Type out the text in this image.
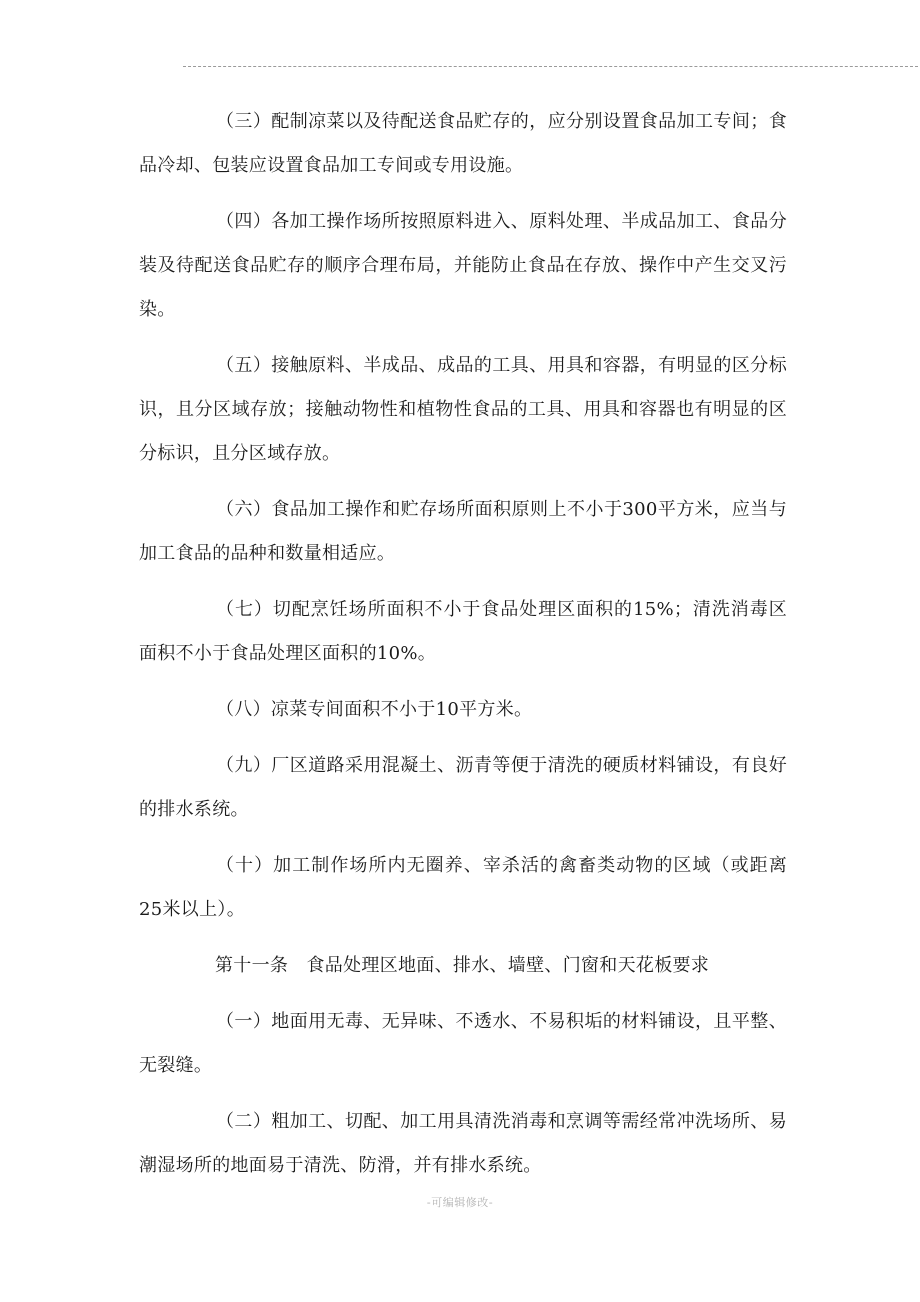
（三）配制凉菜以及待配送食品贮存的，应分别设置食品加工专间；食品冷却、包装应设置食品加工专间或专用设施。

（四）各加工操作场所按照原料进入、原料处理、半成品加工、食品分装及待配送食品贮存的顺序合理布局，并能防止食品在存放、操作中产生交叉污染。

（五）接触原料、半成品、成品的工具、用具和容器，有明显的区分标识，且分区域存放；接触动物性和植物性食品的工具、用具和容器也有明显的区分标识，且分区域存放。

（六）食品加工操作和贮存场所面积原则上不小于300平方米，应当与加工食品的品种和数量相适应。

（七）切配烹饪场所面积不小于食品处理区面积的15%；清洗消毒区面积不小于食品处理区面积的10%。

（八）凉菜专间面积不小于10平方米。

（九）厂区道路采用混凝土、沥青等便于清洗的硬质材料铺设，有良好的排水系统。

（十）加工制作场所内无圈养、宰杀活的禽畜类动物的区域（或距离25米以上）。

第十一条　食品处理区地面、排水、墙壁、门窗和天花板要求

（一）地面用无毒、无异味、不透水、不易积垢的材料铺设，且平整、无裂缝。

（二）粗加工、切配、加工用具清洗消毒和烹调等需经常冲洗场所、易潮湿场所的地面易于清洗、防滑，并有排水系统。

-可编辑修改-
